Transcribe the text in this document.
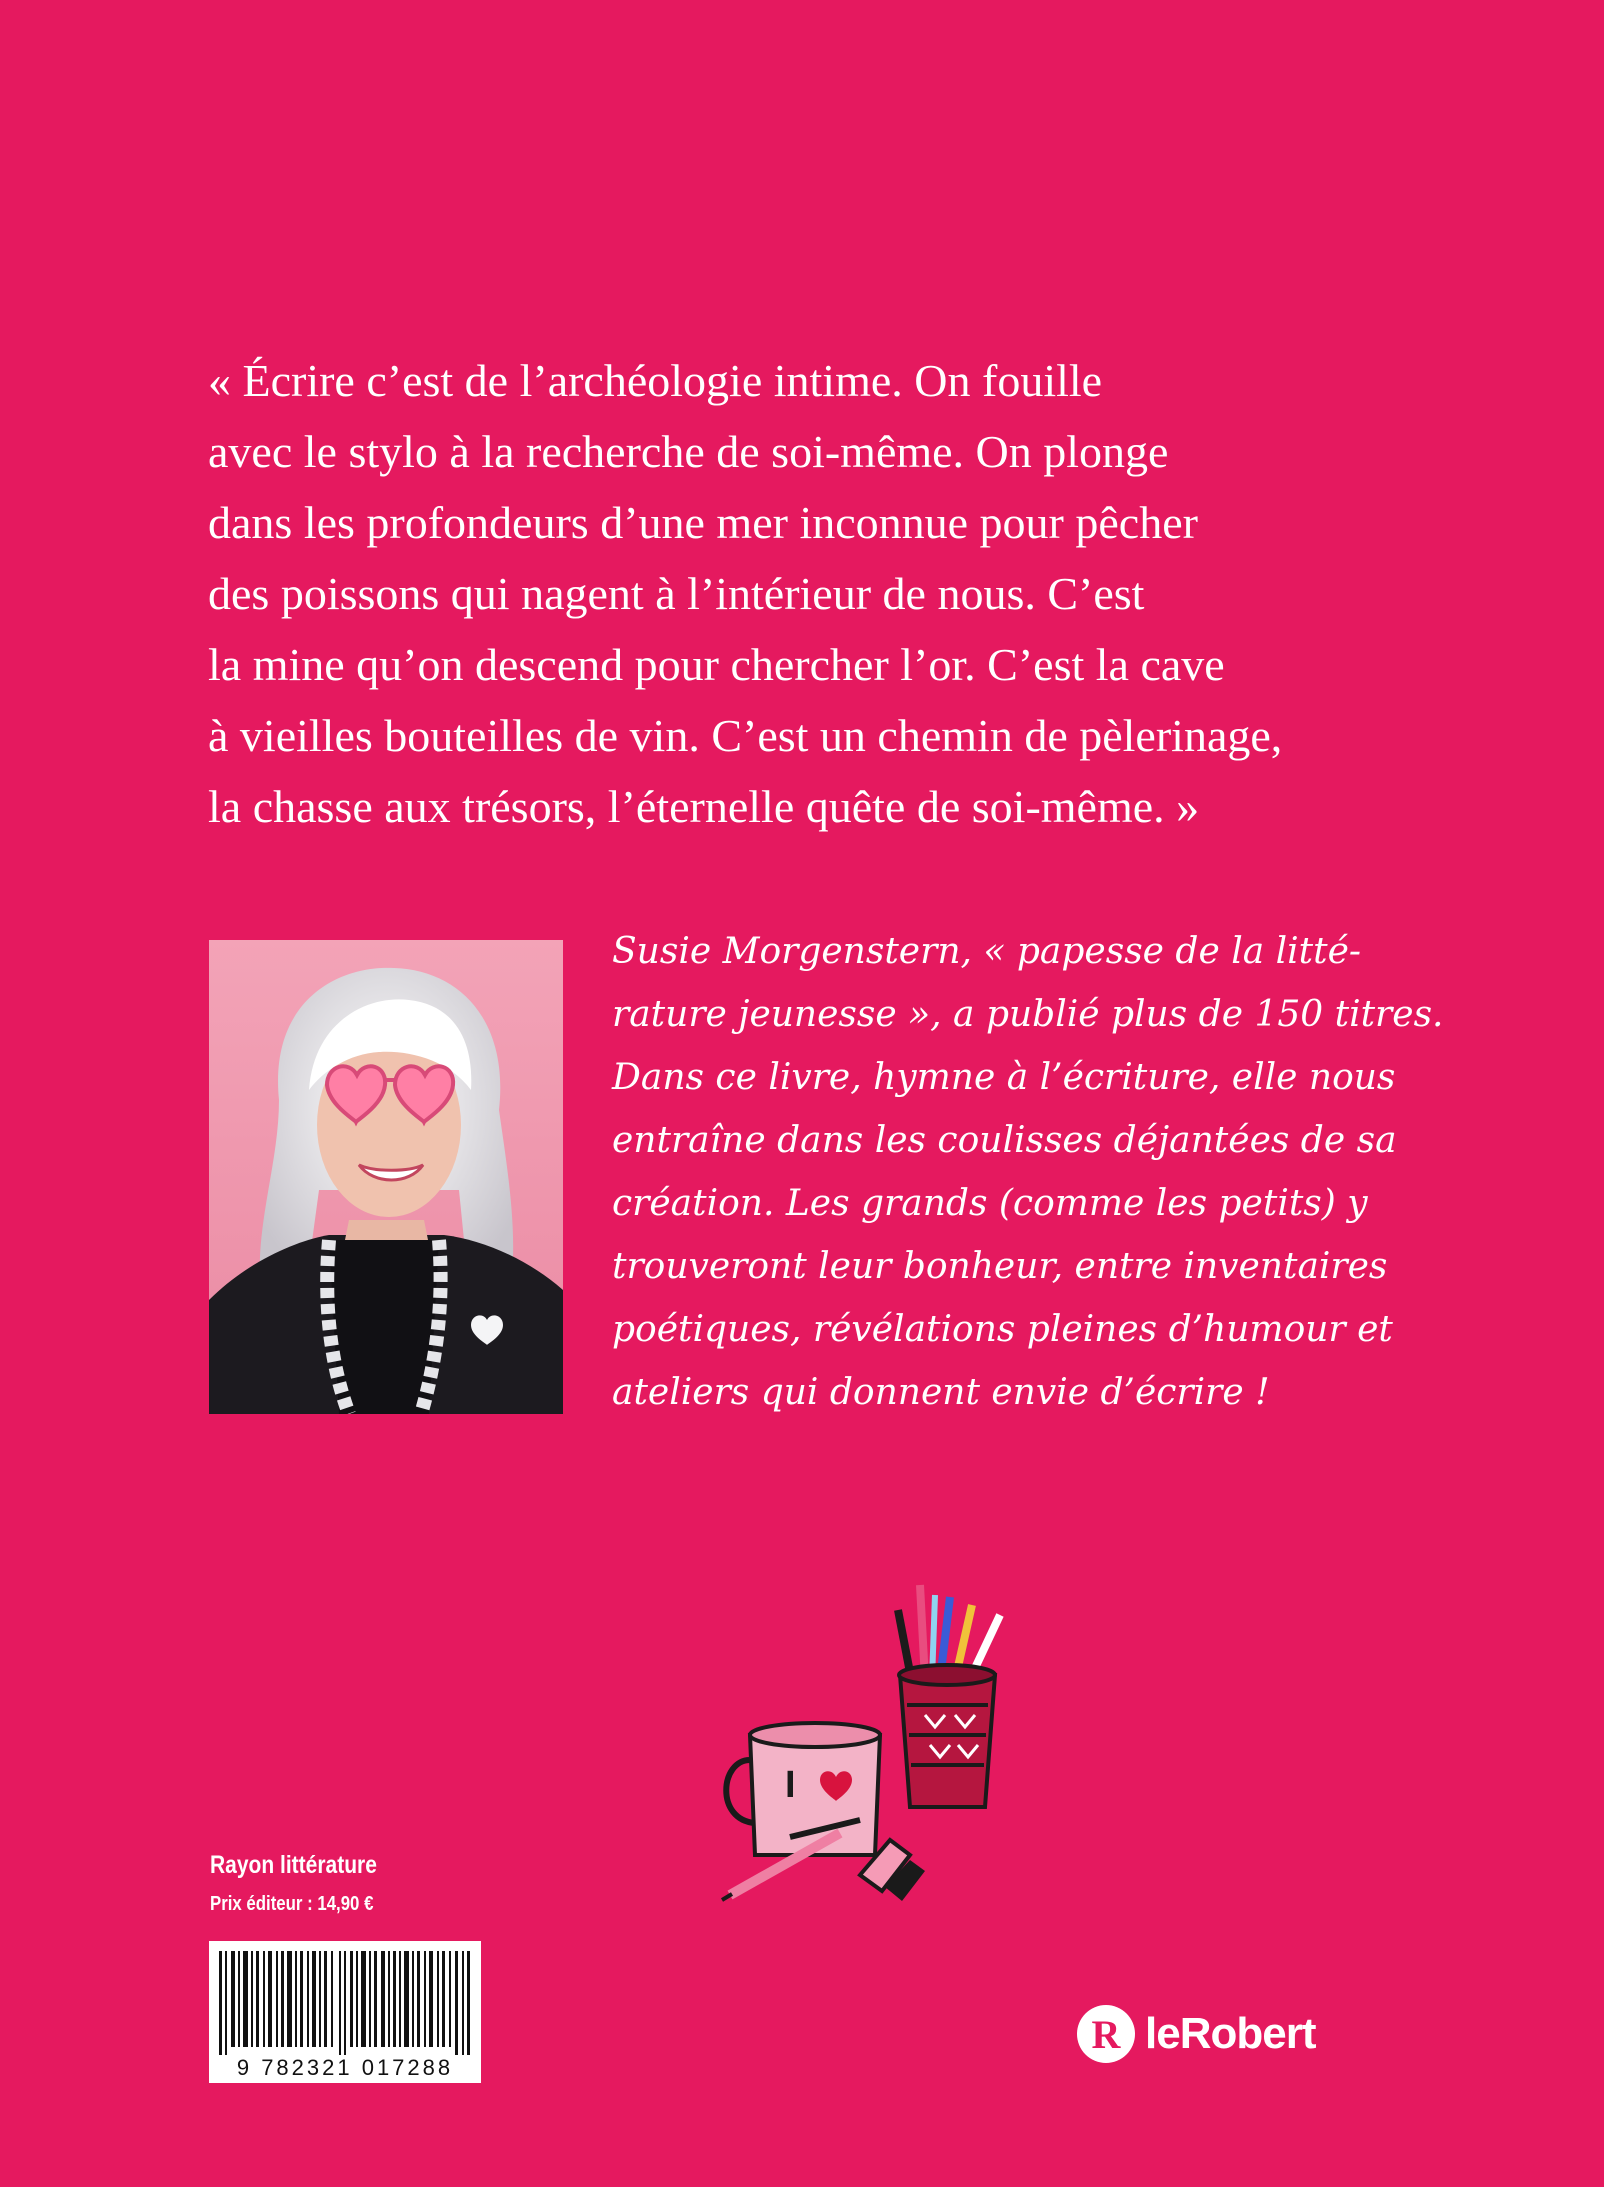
« Écrire c’est de l’archéologie intime. On fouille
avec le stylo à la recherche de soi-même. On plonge
dans les profondeurs d’une mer inconnue pour pêcher
des poissons qui nagent à l’intérieur de nous. C’est
la mine qu’on descend pour chercher l’or. C’est la cave
à vieilles bouteilles de vin. C’est un chemin de pèlerinage,
la chasse aux trésors, l’éternelle quête de soi-même. »
Susie Morgenstern, « papesse de la litté-
rature jeunesse », a publié plus de 150 titres.
Dans ce livre, hymne à l’écriture, elle nous
entraîne dans les coulisses déjantées de sa
création. Les grands (comme les petits) y
trouveront leur bonheur, entre inventaires
poétiques, révélations pleines d’humour et
ateliers qui donnent envie d’écrire !
I
Rayon littérature
Prix éditeur : 14,90 €
9 782321 017288
R leRobert
